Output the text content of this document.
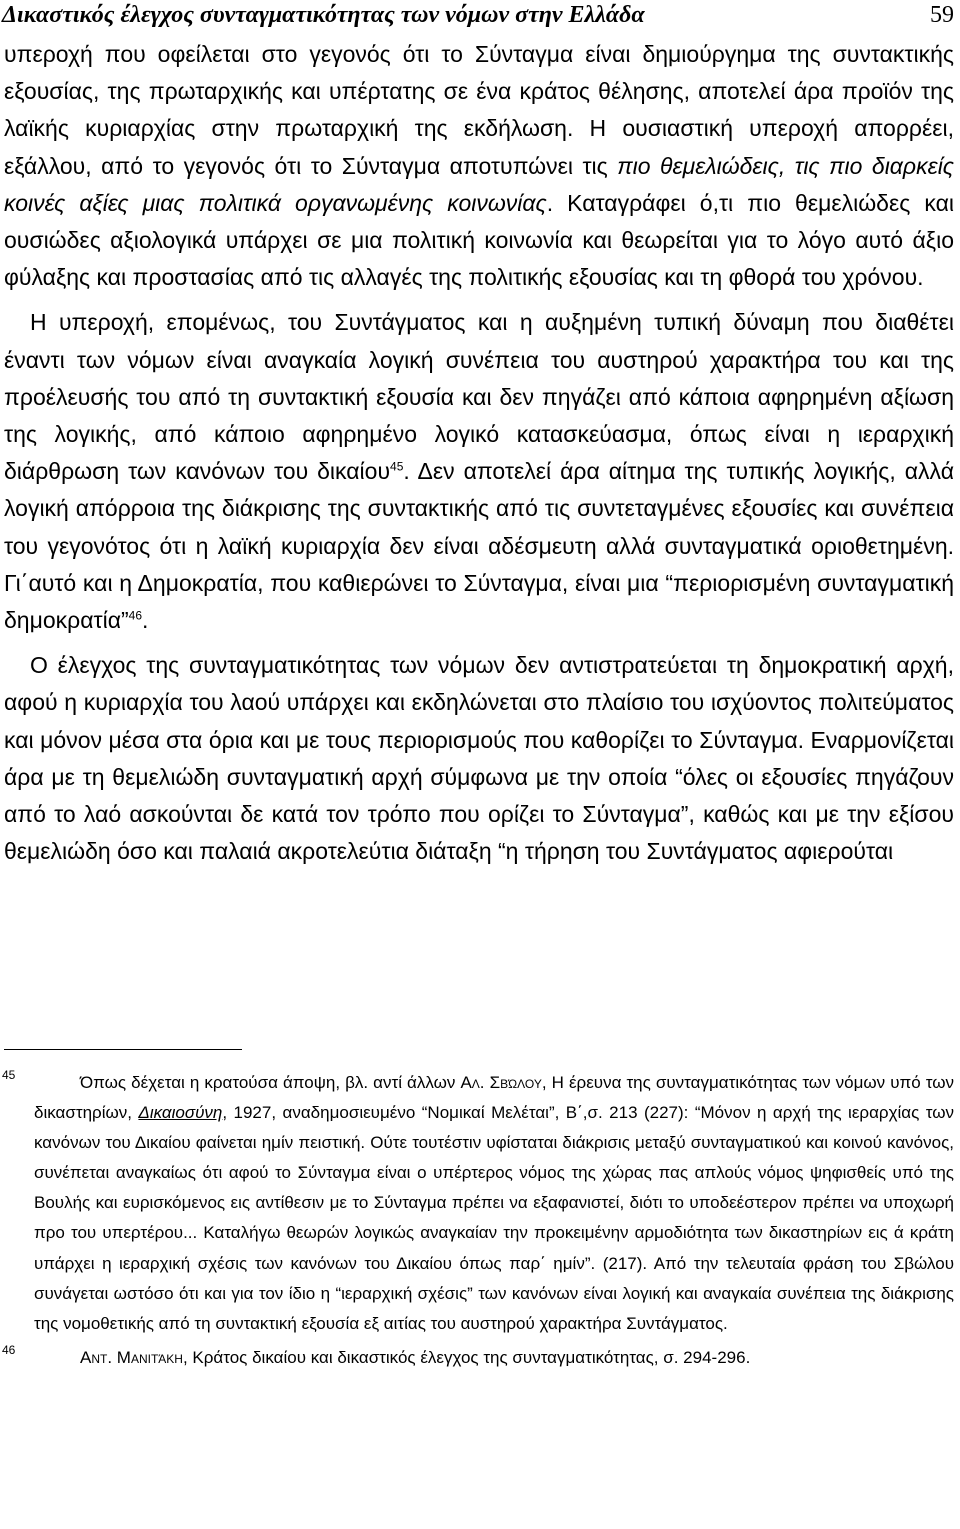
Δικαστικός έλεγχος συνταγματικότητας των νόμων στην Ελλάδα	59

υπεροχή που οφείλεται στο γεγονός ότι το Σύνταγμα είναι δημιούργημα της συντακτικής εξουσίας, της πρωταρχικής και υπέρτατης σε ένα κράτος θέλησης, αποτελεί άρα προϊόν της λαϊκής κυριαρχίας στην πρωταρχική της εκδήλωση. Η ουσιαστική υπεροχή απορρέει, εξάλλου, από το γεγονός ότι το Σύνταγμα αποτυπώνει τις πιο θεμελιώδεις, τις πιο διαρκείς κοινές αξίες μιας πολιτικά οργανωμένης κοινωνίας. Καταγράφει ό,τι πιο θεμελιώδες και ουσιώδες αξιολογικά υπάρχει σε μια πολιτική κοινωνία και θεωρείται για το λόγο αυτό άξιο φύλαξης και προστασίας από τις αλλαγές της πολιτικής εξουσίας και τη φθορά του χρόνου.

Η υπεροχή, επομένως, του Συντάγματος και η αυξημένη τυπική δύναμη που διαθέτει έναντι των νόμων είναι αναγκαία λογική συνέπεια του αυστηρού χαρακτήρα του και της προέλευσής του από τη συντακτική εξουσία και δεν πηγάζει από κάποια αφηρημένη αξίωση της λογικής, από κάποιο αφηρημένο λογικό κατασκεύασμα, όπως είναι η ιεραρχική διάρθρωση των κανόνων του δικαίου$^{45}$. Δεν αποτελεί άρα αίτημα της τυπικής λογικής, αλλά λογική απόρροια της διάκρισης της συντακτικής από τις συντεταγμένες εξουσίες και συνέπεια του γεγονότος ότι η λαϊκή κυριαρχία δεν είναι αδέσμευτη αλλά συνταγματικά οριοθετημένη. Γι΄αυτό και η Δημοκρατία, που καθιερώνει το Σύνταγμα, είναι μια “περιορισμένη συνταγματική δημοκρατία”$^{46}$.

Ο έλεγχος της συνταγματικότητας των νόμων δεν αντιστρατεύεται τη δημοκρατική αρχή, αφού η κυριαρχία του λαού υπάρχει και εκδηλώνεται στο πλαίσιο του ισχύοντος πολιτεύματος και μόνον μέσα στα όρια και με τους περιορισμούς που καθορίζει το Σύνταγμα. Εναρμονίζεται άρα με τη θεμελιώδη συνταγματική αρχή σύμφωνα με την οποία “όλες οι εξουσίες πηγάζουν από το λαό ασκούνται δε κατά τον τρόπο που ορίζει το Σύνταγμα”, καθώς και με την εξίσου θεμελιώδη όσο και παλαιά ακροτελεύτια διάταξη “η τήρηση του Συντάγματος αφιερούται

45	Όπως δέχεται η κρατούσα άποψη, βλ. αντί άλλων Αλ. Σβώλου, Η έρευνα της συνταγματικότητας των νόμων υπό των δικαστηρίων, Δικαιοσύνη, 1927, αναδημοσιευμένο “Νομικαί Μελέται”, Β΄,σ. 213 (227): “Μόνον η αρχή της ιεραρχίας των κανόνων του Δικαίου φαίνεται ημίν πειστική. Ούτε τουτέστιν υφίσταται διάκρισις μεταξύ συνταγματικού και κοινού κανόνος, συνέπεται αναγκαίως ότι αφού το Σύνταγμα είναι ο υπέρτερος νόμος της χώρας πας απλούς νόμος ψηφισθείς υπό της Βουλής και ευρισκόμενος εις αντίθεσιν με το Σύνταγμα πρέπει να εξαφανιστεί, διότι το υποδεέστερον πρέπει να υποχωρή προ του υπερτέρου... Καταλήγω θεωρών λογικώς αναγκαίαν την προκειμένην αρμοδιότητα των δικαστηρίων εις ά κράτη υπάρχει η ιεραρχική σχέσις των κανόνων του Δικαίου όπως παρ΄ ημίν”. (217). Από την τελευταία φράση του Σβώλου συνάγεται ωστόσο ότι και για τον ίδιο η “ιεραρχική σχέσις” των κανόνων είναι λογική και αναγκαία συνέπεια της διάκρισης της νομοθετικής από τη συντακτική εξουσία εξ αιτίας του αυστηρού χαρακτήρα Συντάγματος.
46	Αντ. Μανιτάκη, Κράτος δικαίου και δικαστικός έλεγχος της συνταγματικότητας, σ. 294-296.
